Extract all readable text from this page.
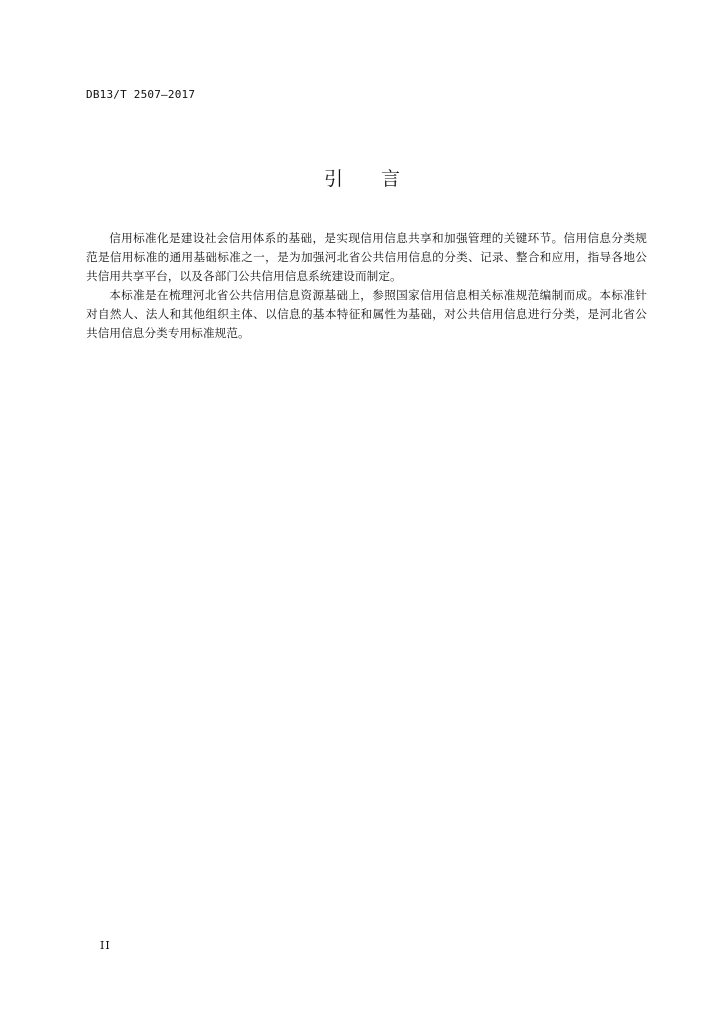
DB13/T 2507—2017
引言

信用标准化是建设社会信用体系的基础，是实现信用信息共享和加强管理的关键环节。信用信息分类规范是信用标准的通用基础标准之一，是为加强河北省公共信用信息的分类、记录、整合和应用，指导各地公共信用共享平台，以及各部门公共信用信息系统建设而制定。

本标准是在梳理河北省公共信用信息资源基础上，参照国家信用信息相关标准规范编制而成。本标准针对自然人、法人和其他组织主体、以信息的基本特征和属性为基础，对公共信用信息进行分类，是河北省公共信用信息分类专用标准规范。

II
